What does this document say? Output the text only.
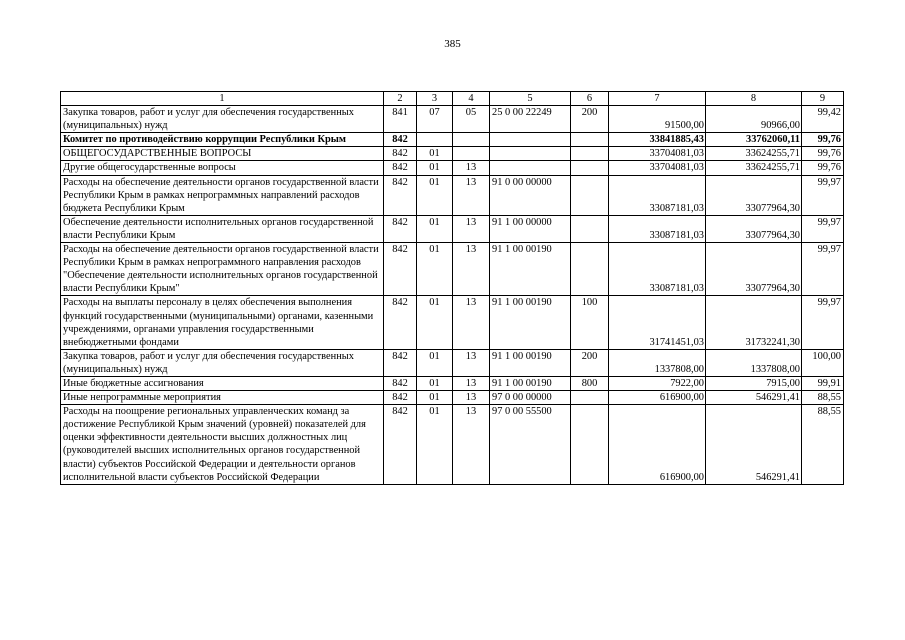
385
1	2	3	4	5	6	7	8	9
Закупка товаров, работ и услуг для обеспечения государственных (муниципальных) нужд	841	07	05	25 0 00 22249	200	91500,00	90966,00	99,42
Комитет по противодействию коррупции Республики Крым	842					33841885,43	33762060,11	99,76
ОБЩЕГОСУДАРСТВЕННЫЕ ВОПРОСЫ	842	01				33704081,03	33624255,71	99,76
Другие общегосударственные вопросы	842	01	13			33704081,03	33624255,71	99,76
Расходы на обеспечение деятельности органов государственной власти Республики Крым в рамках непрограммных направлений расходов бюджета Республики Крым	842	01	13	91 0 00 00000		33087181,03	33077964,30	99,97
Обеспечение деятельности исполнительных органов государственной власти Республики Крым	842	01	13	91 1 00 00000		33087181,03	33077964,30	99,97
Расходы на обеспечение деятельности органов государственной власти Республики Крым в рамках непрограммного направления расходов "Обеспечение деятельности исполнительных органов государственной власти Республики Крым"	842	01	13	91 1 00 00190		33087181,03	33077964,30	99,97
Расходы на выплаты персоналу в целях обеспечения выполнения функций государственными (муниципальными) органами, казенными учреждениями, органами управления государственными внебюджетными фондами	842	01	13	91 1 00 00190	100	31741451,03	31732241,30	99,97
Закупка товаров, работ и услуг для обеспечения государственных (муниципальных) нужд	842	01	13	91 1 00 00190	200	1337808,00	1337808,00	100,00
Иные бюджетные ассигнования	842	01	13	91 1 00 00190	800	7922,00	7915,00	99,91
Иные непрограммные мероприятия	842	01	13	97 0 00 00000		616900,00	546291,41	88,55
Расходы на поощрение региональных управленческих команд за достижение Республикой Крым значений (уровней) показателей для оценки эффективности деятельности высших должностных лиц (руководителей высших исполнительных органов государственной власти) субъектов Российской Федерации и деятельности органов исполнительной власти субъектов Российской Федерации	842	01	13	97 0 00 55500		616900,00	546291,41	88,55
